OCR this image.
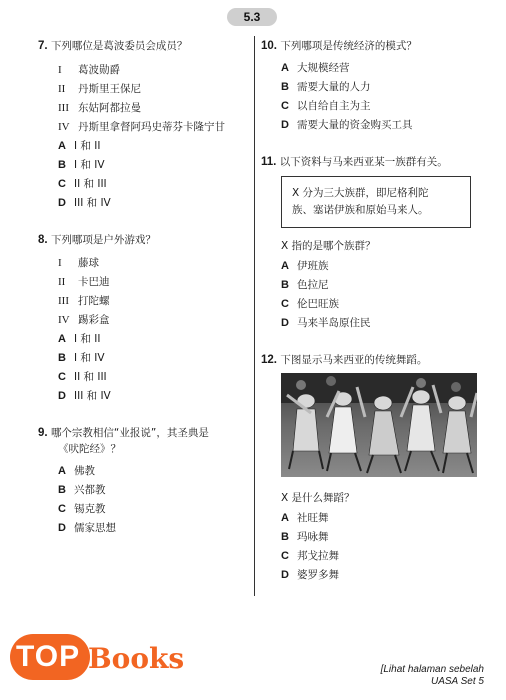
5.3
7. 下列哪位是葛波委员会成员？
I 葛波勋爵
II 丹斯里王保尼
III 东姑阿都拉曼
IV 丹斯里拿督阿玛史蒂芬卡隆宁甘
A I 和 II
B I 和 IV
C II 和 III
D III 和 IV
8. 下列哪项是户外游戏？
I 藤球
II 卡巴迪
III 打陀螺
IV 踢彩盒
A I 和 II
B I 和 IV
C II 和 III
D III 和 IV
9. 哪个宗教相信“业报说”，其圣典是
《吠陀经》？
A 佛教
B 兴都教
C 锡克教
D 儒家思想
10. 下列哪项是传统经济的模式？
A 大规模经营
B 需要大量的人力
C 以自给自主为主
D 需要大量的资金购买工具
11. 以下资料与马来西亚某一族群有关。
X 分为三大族群，即尼格利陀
族、塞诺伊族和原始马来人。
X 指的是哪个族群？
A 伊班族
B 色拉尼
C 伦巴旺族
D 马来半岛原住民
12. 下图显示马来西亚的传统舞蹈。
X 是什么舞蹈？
A 社旺舞
B 玛咏舞
C 邦戈拉舞
D 婆罗多舞
TOP Books	[Lihat halaman sebelah
UASA Set 5
